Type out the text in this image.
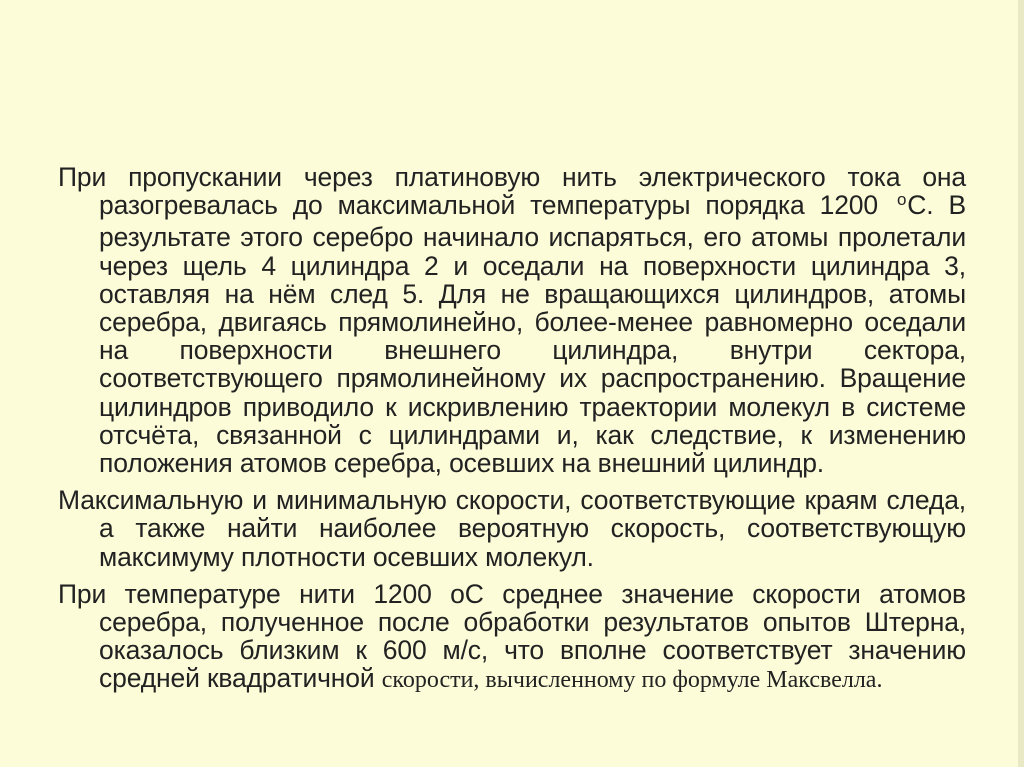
При пропускании через платиновую нить электрического тока она разогревалась до максимальной температуры порядка 1200 $^о$С. В результате этого серебро начинало испаряться, его атомы пролетали через щель 4 цилиндра 2 и оседали на поверхности цилиндра 3, оставляя на нём след 5. Для не вращающихся цилиндров, атомы серебра, двигаясь прямолинейно, более-менее равномерно оседали на поверхности внешнего цилиндра, внутри сектора, соответствующего прямолинейному их распространению. Вращение цилиндров приводило к искривлению траектории молекул в системе отсчёта, связанной с цилиндрами и, как следствие, к изменению положения атомов серебра, осевших на внешний цилиндр.

Максимальную и минимальную скорости, соответствующие краям следа, а также найти наиболее вероятную скорость, соответствующую максимуму плотности осевших молекул.

При температуре нити 1200 оС среднее значение скорости атомов серебра, полученное после обработки результатов опытов Штерна, оказалось близким к 600 м/с, что вполне соответствует значению средней квадратичной скорости, вычисленному по формуле Максвелла.
